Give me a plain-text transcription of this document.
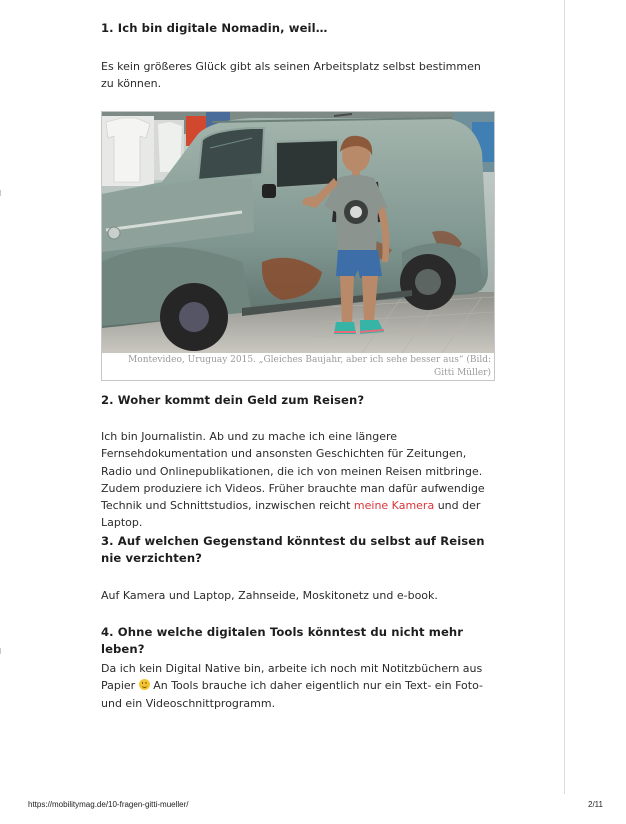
1. Ich bin digitale Nomadin, weil…

Es kein größeres Glück gibt als seinen Arbeitsplatz selbst bestimmen zu können.

2. Woher kommt dein Geld zum Reisen?

Ich bin Journalistin. Ab und zu mache ich eine längere Fernsehdokumentation und ansonsten Geschichten für Zeitungen, Radio und Onlinepublikationen, die ich von meinen Reisen mitbringe. Zudem produziere ich Videos. Früher brauchte man dafür aufwendige Technik und Schnittstudios, inzwischen reicht meine Kamera und der Laptop.

3. Auf welchen Gegenstand könntest du selbst auf Reisen nie verzichten?

Auf Kamera und Laptop, Zahnseide, Moskitonetz und e-book.

4. Ohne welche digitalen Tools könntest du nicht mehr leben?

Da ich kein Digital Native bin, arbeite ich noch mit Notitzbüchern aus Papier  An Tools brauche ich daher eigentlich nur ein Text- ein Foto- und ein Videoschnittprogramm.

Montevideo, Uruguay 2015. „Gleiches Baujahr, aber ich sehe besser aus“ (Bild: Gitti Müller)
https://mobilitymag.de/10-fragen-gitti-mueller/	2/11
